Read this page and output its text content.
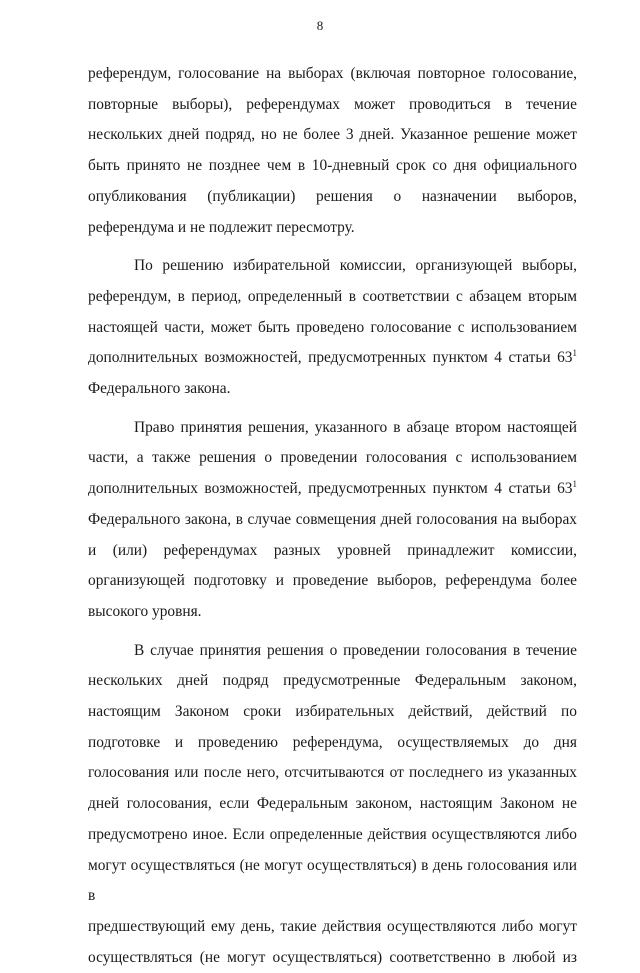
8
референдум, голосование на выборах (включая повторное голосование,
повторные выборы), референдумах может проводиться в течение
нескольких дней подряд, но не более 3 дней. Указанное решение может
быть принято не позднее чем в 10-дневный срок со дня официального
опубликования (публикации) решения о назначении выборов,
референдума и не подлежит пересмотру.
По решению избирательной комиссии, организующей выборы,
референдум, в период, определенный в соответствии с абзацем вторым
настоящей части, может быть проведено голосование с использованием
дополнительных возможностей, предусмотренных пунктом 4 статьи $63^1$
Федерального закона.
Право принятия решения, указанного в абзаце втором настоящей
части, а также решения о проведении голосования с использованием
дополнительных возможностей, предусмотренных пунктом 4 статьи $63^1$
Федерального закона, в случае совмещения дней голосования на выборах
и (или) референдумах разных уровней принадлежит комиссии,
организующей подготовку и проведение выборов, референдума более
высокого уровня.
В случае принятия решения о проведении голосования в течение
нескольких дней подряд предусмотренные Федеральным законом,
настоящим Законом сроки избирательных действий, действий по
подготовке и проведению референдума, осуществляемых до дня
голосования или после него, отсчитываются от последнего из указанных
дней голосования, если Федеральным законом, настоящим Законом не
предусмотрено иное. Если определенные действия осуществляются либо
могут осуществляться (не могут осуществляться) в день голосования или в
предшествующий ему день, такие действия осуществляются либо могут
осуществляться (не могут осуществляться) соответственно в любой из
